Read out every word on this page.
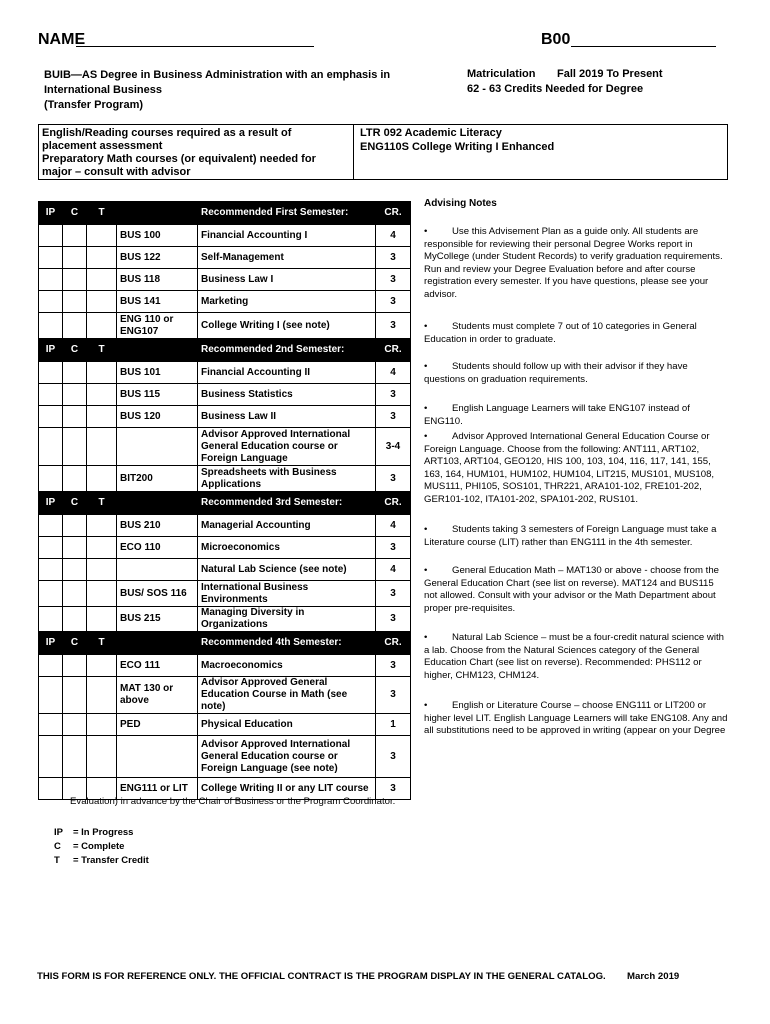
NAME	B00
BUIB—AS Degree in Business Administration with an emphasis in
International Business
(Transfer Program)
Matriculation Fall 2019 To Present
62 - 63 Credits Needed for Degree
English/Reading courses required as a result of
placement assessment
Preparatory Math courses (or equivalent) needed for
major – consult with advisor
LTR 092 Academic Literacy
ENG110S College Writing I Enhanced
IP	C	T		Recommended First Semester:	CR.
			BUS 100	Financial Accounting I	4
			BUS 122	Self-Management	3
			BUS 118	Business Law I	3
			BUS 141	Marketing	3
			ENG 110 or ENG107	College Writing I (see note)	3
IP	C	T		Recommended 2nd Semester:	CR.
			BUS 101	Financial Accounting II	4
			BUS 115	Business Statistics	3
			BUS 120	Business Law II	3
				Advisor Approved International General Education course or Foreign Language	3-4
			BIT200	Spreadsheets with Business Applications	3
IP	C	T		Recommended 3rd Semester:	CR.
			BUS 210	Managerial Accounting	4
			ECO 110	Microeconomics	3
				Natural Lab Science (see note)	4
			BUS/ SOS 116	International Business Environments	3
			BUS 215	Managing Diversity in Organizations	3
IP	C	T		Recommended 4th Semester:	CR.
			ECO 111	Macroeconomics	3
			MAT 130 or above	Advisor Approved General Education Course in Math (see note)	3
			PED	Physical Education	1
				Advisor Approved International General Education course or Foreign Language (see note)	3
			ENG111 or LIT	College Writing II or any LIT course	3
Advising Notes
•	Use this Advisement Plan as a guide only. All students are responsible for reviewing their personal Degree Works report in MyCollege (under Student Records) to verify graduation requirements. Run and review your Degree Evaluation before and after course registration every semester. If you have questions, please see your advisor.
•	Students must complete 7 out of 10 categories in General Education in order to graduate.
•	Students should follow up with their advisor if they have questions on graduation requirements.
•	English Language Learners will take ENG107 instead of ENG110.
•	Advisor Approved International General Education Course or Foreign Language. Choose from the following: ANT111, ART102, ART103, ART104, GEO120, HIS 100, 103, 104, 116, 117, 141, 155, 163, 164, HUM101, HUM102, HUM104, LIT215, MUS101, MUS108, MUS111, PHI105, SOS101, THR221, ARA101-102, FRE101-202, GER101-102, ITA101-202, SPA101-202, RUS101.
•	Students taking 3 semesters of Foreign Language must take a Literature course (LIT) rather than ENG111 in the 4th semester.
•	General Education Math – MAT130 or above - choose from the General Education Chart (see list on reverse). MAT124 and BUS115 not allowed. Consult with your advisor or the Math Department about proper pre-requisites.
•	Natural Lab Science – must be a four-credit natural science with a lab. Choose from the Natural Sciences category of the General Education Chart (see list on reverse). Recommended: PHS112 or higher, CHM123, CHM124.
•	English or Literature Course – choose ENG111 or LIT200 or higher level LIT. English Language Learners will take ENG108. Any and all substitutions need to be approved in writing (appear on your Degree
Evaluation) in advance by the Chair of Business or the Program Coordinator.
IP	= In Progress
C	= Complete
T	= Transfer Credit
THIS FORM IS FOR REFERENCE ONLY. THE OFFICIAL CONTRACT IS THE PROGRAM DISPLAY IN THE GENERAL CATALOG. March 2019
